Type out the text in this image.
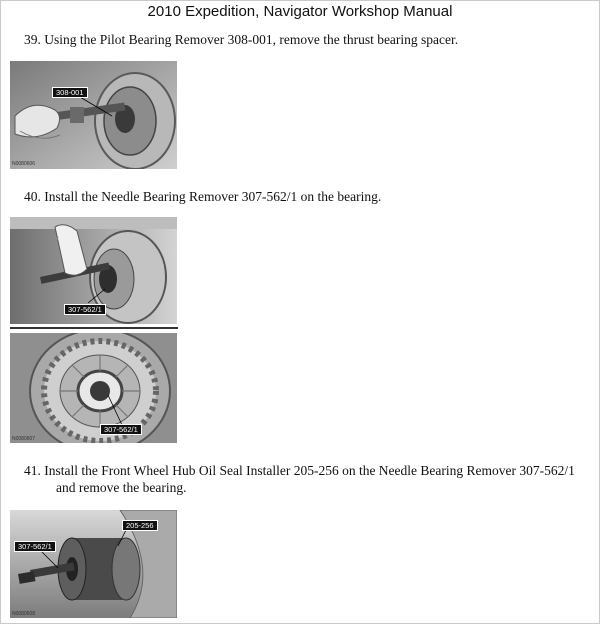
2010 Expedition, Navigator Workshop Manual
39. Using the Pilot Bearing Remover 308-001, remove the thrust bearing spacer.
308-001
N0080606
40. Install the Needle Bearing Remover 307-562/1 on the bearing.
307-562/1
307-562/1
N0080607
41. Install the Front Wheel Hub Oil Seal Installer 205-256 on the Needle Bearing Remover 307-562/1
and remove the bearing.
307-562/1
205-256
N0080608
